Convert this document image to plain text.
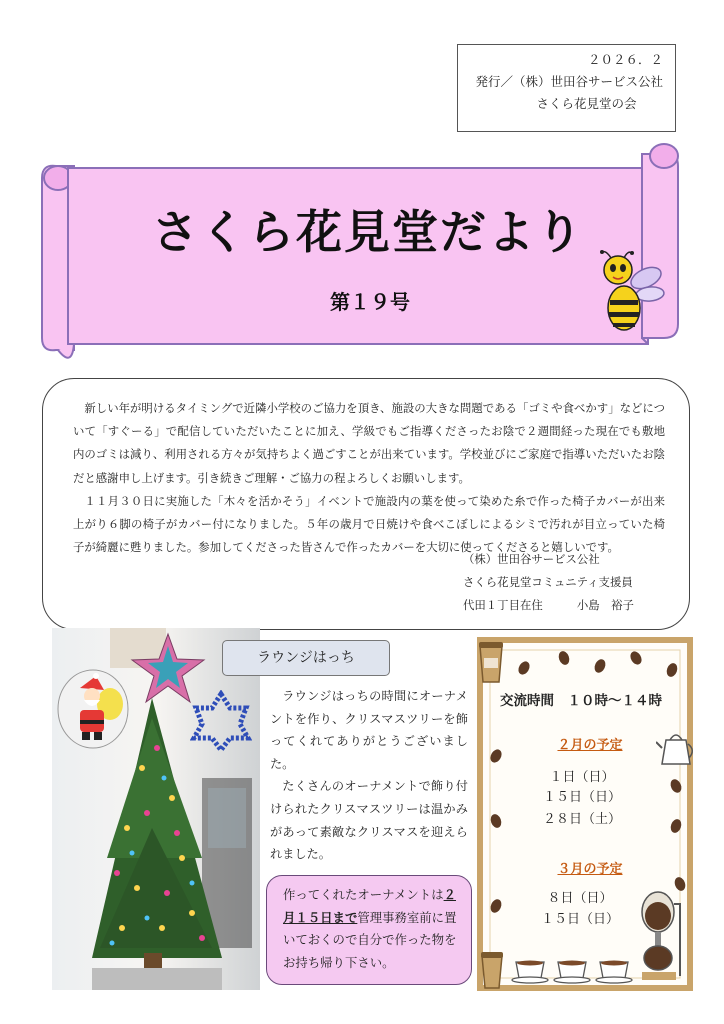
２０２６．２
発行／（株）世田谷サービス公社
さくら花見堂の会
さくら花見堂だより
第１９号

新しい年が明けるタイミングで近隣小学校のご協力を頂き、施設の大きな問題である「ゴミや食べかす」などについて「すぐーる」で配信していただいたことに加え、学級でもご指導くださったお陰で２週間経った現在でも敷地内のゴミは減り、利用される方々が気持ちよく過ごすことが出来ています。学校並びにご家庭で指導いただいたお陰だと感謝申し上げます。引き続きご理解・ご協力の程よろしくお願いします。

１１月３０日に実施した「木々を活かそう」イベントで施設内の葉を使って染めた糸で作った椅子カバーが出来上がり６脚の椅子がカバー付になりました。５年の歳月で日焼けや食べこぼしによるシミで汚れが目立っていた椅子が綺麗に甦りました。参加してくださった皆さんで作ったカバーを大切に使ってくださると嬉しいです。

（株）世田谷サービス公社
さくら花見堂コミュニティ支援員
代田１丁目在住　　　小島　裕子
ラウンジはっち

ラウンジはっちの時間にオーナメントを作り、クリスマスツリーを飾ってくれてありがとうございました。

たくさんのオーナメントで飾り付けられたクリスマスツリーは温かみがあって素敵なクリスマスを迎えられました。

作ってくれたオーナメントは２月１５日まで管理事務室前に置いておくので自分で作った物をお持ち帰り下さい。
交流時間　１０時〜１４時
２月の予定
１日（日）
１５日（日）
２８日（土）
３月の予定
８日（日）
１５日（日）
